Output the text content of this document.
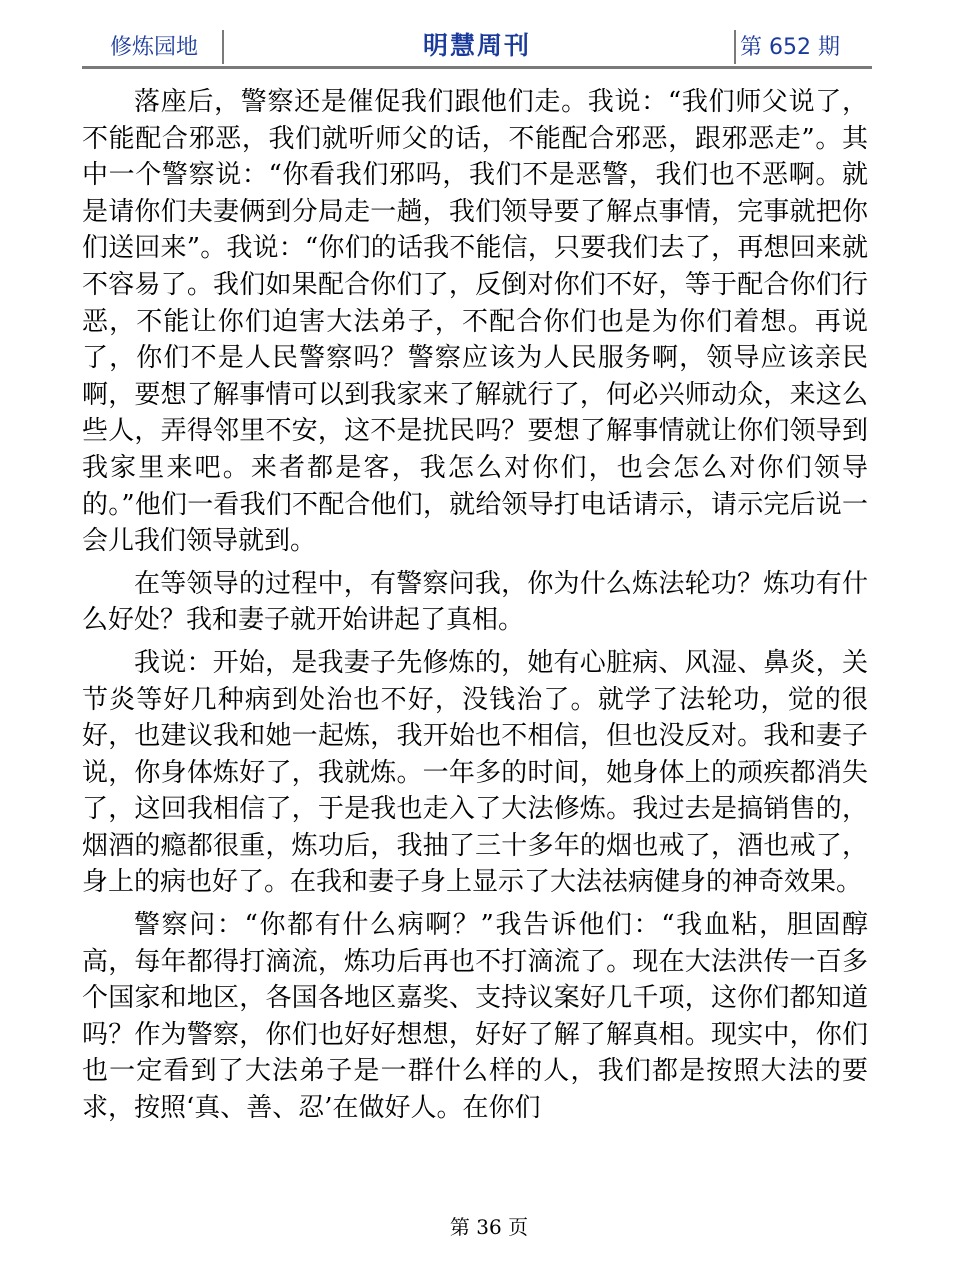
修炼园地	明慧周刊	第 652 期

落座后，警察还是催促我们跟他们走。我说：“我们师父说了，不能配合邪恶，我们就听师父的话，不能配合邪恶，跟邪恶走”。其中一个警察说：“你看我们邪吗，我们不是恶警，我们也不恶啊。就是请你们夫妻俩到分局走一趟，我们领导要了解点事情，完事就把你们送回来”。我说：“你们的话我不能信，只要我们去了，再想回来就不容易了。我们如果配合你们了，反倒对你们不好，等于配合你们行恶，不能让你们迫害大法弟子，不配合你们也是为你们着想。再说了，你们不是人民警察吗？警察应该为人民服务啊，领导应该亲民啊，要想了解事情可以到我家来了解就行了，何必兴师动众，来这么些人，弄得邻里不安，这不是扰民吗？要想了解事情就让你们领导到我家里来吧。来者都是客，我怎么对你们，也会怎么对你们领导的。”他们一看我们不配合他们，就给领导打电话请示，请示完后说一会儿我们领导就到。

在等领导的过程中，有警察问我，你为什么炼法轮功？炼功有什么好处？我和妻子就开始讲起了真相。

我说：开始，是我妻子先修炼的，她有心脏病、风湿、鼻炎，关节炎等好几种病到处治也不好，没钱治了。就学了法轮功，觉的很好，也建议我和她一起炼，我开始也不相信，但也没反对。我和妻子说，你身体炼好了，我就炼。一年多的时间，她身体上的顽疾都消失了，这回我相信了，于是我也走入了大法修炼。我过去是搞销售的，烟酒的瘾都很重，炼功后，我抽了三十多年的烟也戒了，酒也戒了，身上的病也好了。在我和妻子身上显示了大法祛病健身的神奇效果。

警察问：“你都有什么病啊？”我告诉他们：“我血粘，胆固醇高，每年都得打滴流，炼功后再也不打滴流了。现在大法洪传一百多个国家和地区，各国各地区嘉奖、支持议案好几千项，这你们都知道吗？作为警察，你们也好好想想，好好了解了解真相。现实中，你们也一定看到了大法弟子是一群什么样的人，我们都是按照大法的要求，按照‘真、善、忍’在做好人。在你们

第 36 页
